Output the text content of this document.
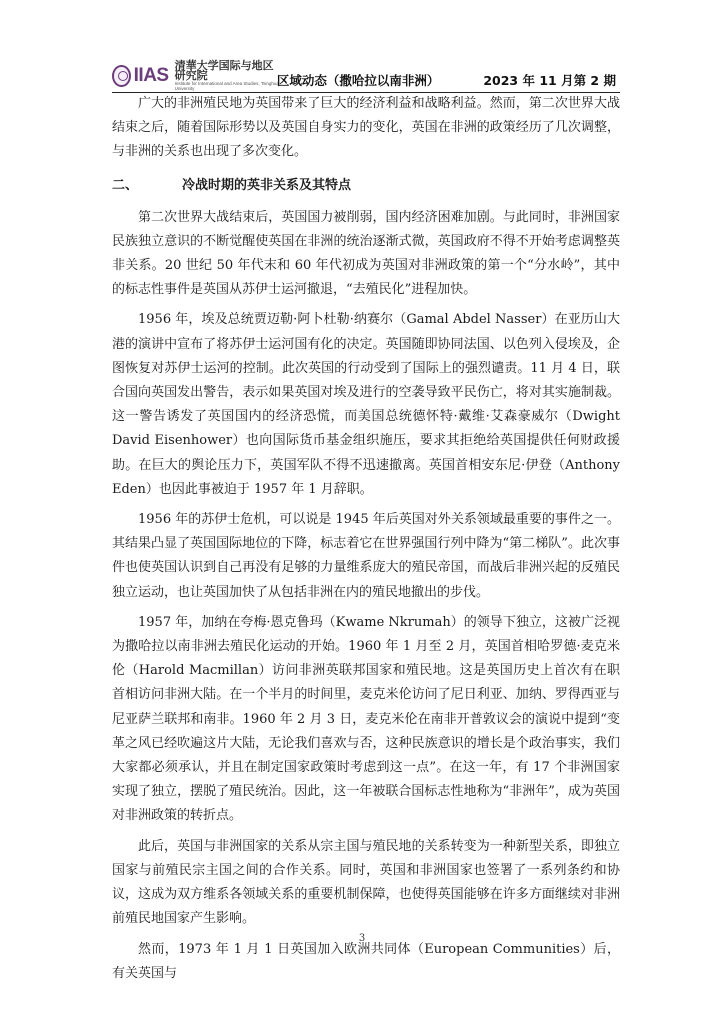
IIAS 清華大学国际与地区研究院
Institute for International and Area Studies, Tsinghua University
区域动态（撒哈拉以南非洲）	2023 年 11 月第 2 期

广大的非洲殖民地为英国带来了巨大的经济利益和战略利益。然而，第二次世界大战结束之后，随着国际形势以及英国自身实力的变化，英国在非洲的政策经历了几次调整，与非洲的关系也出现了多次变化。

二、	冷战时期的英非关系及其特点

第二次世界大战结束后，英国国力被削弱，国内经济困难加剧。与此同时，非洲国家民族独立意识的不断觉醒使英国在非洲的统治逐渐式微，英国政府不得不开始考虑调整英非关系。20 世纪 50 年代末和 60 年代初成为英国对非洲政策的第一个“分水岭”，其中的标志性事件是英国从苏伊士运河撤退，“去殖民化”进程加快。

1956 年，埃及总统贾迈勒·阿卜杜勒·纳赛尔（Gamal Abdel Nasser）在亚历山大港的演讲中宣布了将苏伊士运河国有化的决定。英国随即协同法国、以色列入侵埃及，企图恢复对苏伊士运河的控制。此次英国的行动受到了国际上的强烈谴责。11 月 4 日，联合国向英国发出警告，表示如果英国对埃及进行的空袭导致平民伤亡，将对其实施制裁。这一警告诱发了英国国内的经济恐慌，而美国总统德怀特·戴维·艾森豪威尔（Dwight David Eisenhower）也向国际货币基金组织施压，要求其拒绝给英国提供任何财政援助。在巨大的舆论压力下，英国军队不得不迅速撤离。英国首相安东尼·伊登（Anthony Eden）也因此事被迫于 1957 年 1 月辞职。

1956 年的苏伊士危机，可以说是 1945 年后英国对外关系领域最重要的事件之一。其结果凸显了英国国际地位的下降，标志着它在世界强国行列中降为“第二梯队”。此次事件也使英国认识到自己再没有足够的力量维系庞大的殖民帝国，而战后非洲兴起的反殖民独立运动，也让英国加快了从包括非洲在内的殖民地撤出的步伐。

1957 年，加纳在夸梅·恩克鲁玛（Kwame Nkrumah）的领导下独立，这被广泛视为撒哈拉以南非洲去殖民化运动的开始。1960 年 1 月至 2 月，英国首相哈罗德·麦克米伦（Harold Macmillan）访问非洲英联邦国家和殖民地。这是英国历史上首次有在职首相访问非洲大陆。在一个半月的时间里，麦克米伦访问了尼日利亚、加纳、罗得西亚与尼亚萨兰联邦和南非。1960 年 2 月 3 日，麦克米伦在南非开普敦议会的演说中提到“变革之风已经吹遍这片大陆，无论我们喜欢与否，这种民族意识的增长是个政治事实，我们大家都必须承认，并且在制定国家政策时考虑到这一点”。在这一年，有 17 个非洲国家实现了独立，摆脱了殖民统治。因此，这一年被联合国标志性地称为“非洲年”，成为英国对非洲政策的转折点。

此后，英国与非洲国家的关系从宗主国与殖民地的关系转变为一种新型关系，即独立国家与前殖民宗主国之间的合作关系。同时，英国和非洲国家也签署了一系列条约和协议，这成为双方维系各领域关系的重要机制保障，也使得英国能够在许多方面继续对非洲前殖民地国家产生影响。

然而，1973 年 1 月 1 日英国加入欧洲共同体（European Communities）后，有关英国与

3
